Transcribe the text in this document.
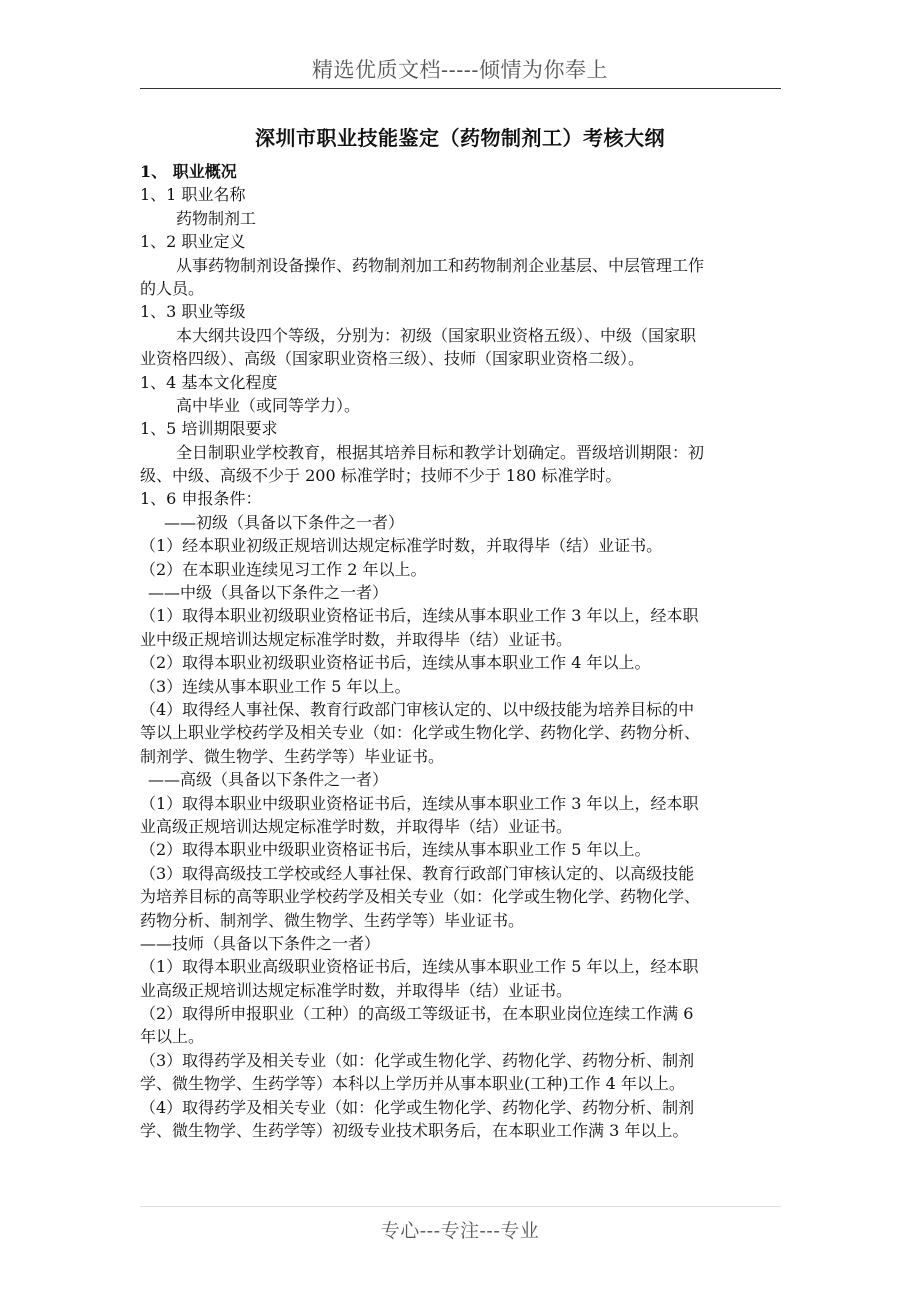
精选优质文档-----倾情为你奉上
深圳市职业技能鉴定（药物制剂工）考核大纲

1、 职业概况

1、1 职业名称

药物制剂工

1、2 职业定义

从事药物制剂设备操作、药物制剂加工和药物制剂企业基层、中层管理工作

的人员。

1、3 职业等级

本大纲共设四个等级，分别为：初级（国家职业资格五级）、中级（国家职

业资格四级）、高级（国家职业资格三级）、技师（国家职业资格二级）。

1、4 基本文化程度

高中毕业（或同等学力）。

1、5 培训期限要求

全日制职业学校教育，根据其培养目标和教学计划确定。晋级培训期限：初

级、中级、高级不少于 200 标准学时；技师不少于 180 标准学时。

1、6 申报条件：

——初级（具备以下条件之一者）

（1）经本职业初级正规培训达规定标准学时数，并取得毕（结）业证书。

（2）在本职业连续见习工作 2 年以上。

——中级（具备以下条件之一者）

（1）取得本职业初级职业资格证书后，连续从事本职业工作 3 年以上，经本职

业中级正规培训达规定标准学时数，并取得毕（结）业证书。

（2）取得本职业初级职业资格证书后，连续从事本职业工作 4 年以上。

（3）连续从事本职业工作 5 年以上。

（4）取得经人事社保、教育行政部门审核认定的、以中级技能为培养目标的中

等以上职业学校药学及相关专业（如：化学或生物化学、药物化学、药物分析、

制剂学、微生物学、生药学等）毕业证书。

——高级（具备以下条件之一者）

（1）取得本职业中级职业资格证书后，连续从事本职业工作 3 年以上，经本职

业高级正规培训达规定标准学时数，并取得毕（结）业证书。

（2）取得本职业中级职业资格证书后，连续从事本职业工作 5 年以上。

（3）取得高级技工学校或经人事社保、教育行政部门审核认定的、以高级技能

为培养目标的高等职业学校药学及相关专业（如：化学或生物化学、药物化学、

药物分析、制剂学、微生物学、生药学等）毕业证书。

——技师（具备以下条件之一者）

（1）取得本职业高级职业资格证书后，连续从事本职业工作 5 年以上，经本职

业高级正规培训达规定标准学时数，并取得毕（结）业证书。

（2）取得所申报职业（工种）的高级工等级证书，在本职业岗位连续工作满 6

年以上。

（3）取得药学及相关专业（如：化学或生物化学、药物化学、药物分析、制剂

学、微生物学、生药学等）本科以上学历并从事本职业(工种)工作 4 年以上。

（4）取得药学及相关专业（如：化学或生物化学、药物化学、药物分析、制剂

学、微生物学、生药学等）初级专业技术职务后，在本职业工作满 3 年以上。

专心---专注---专业
